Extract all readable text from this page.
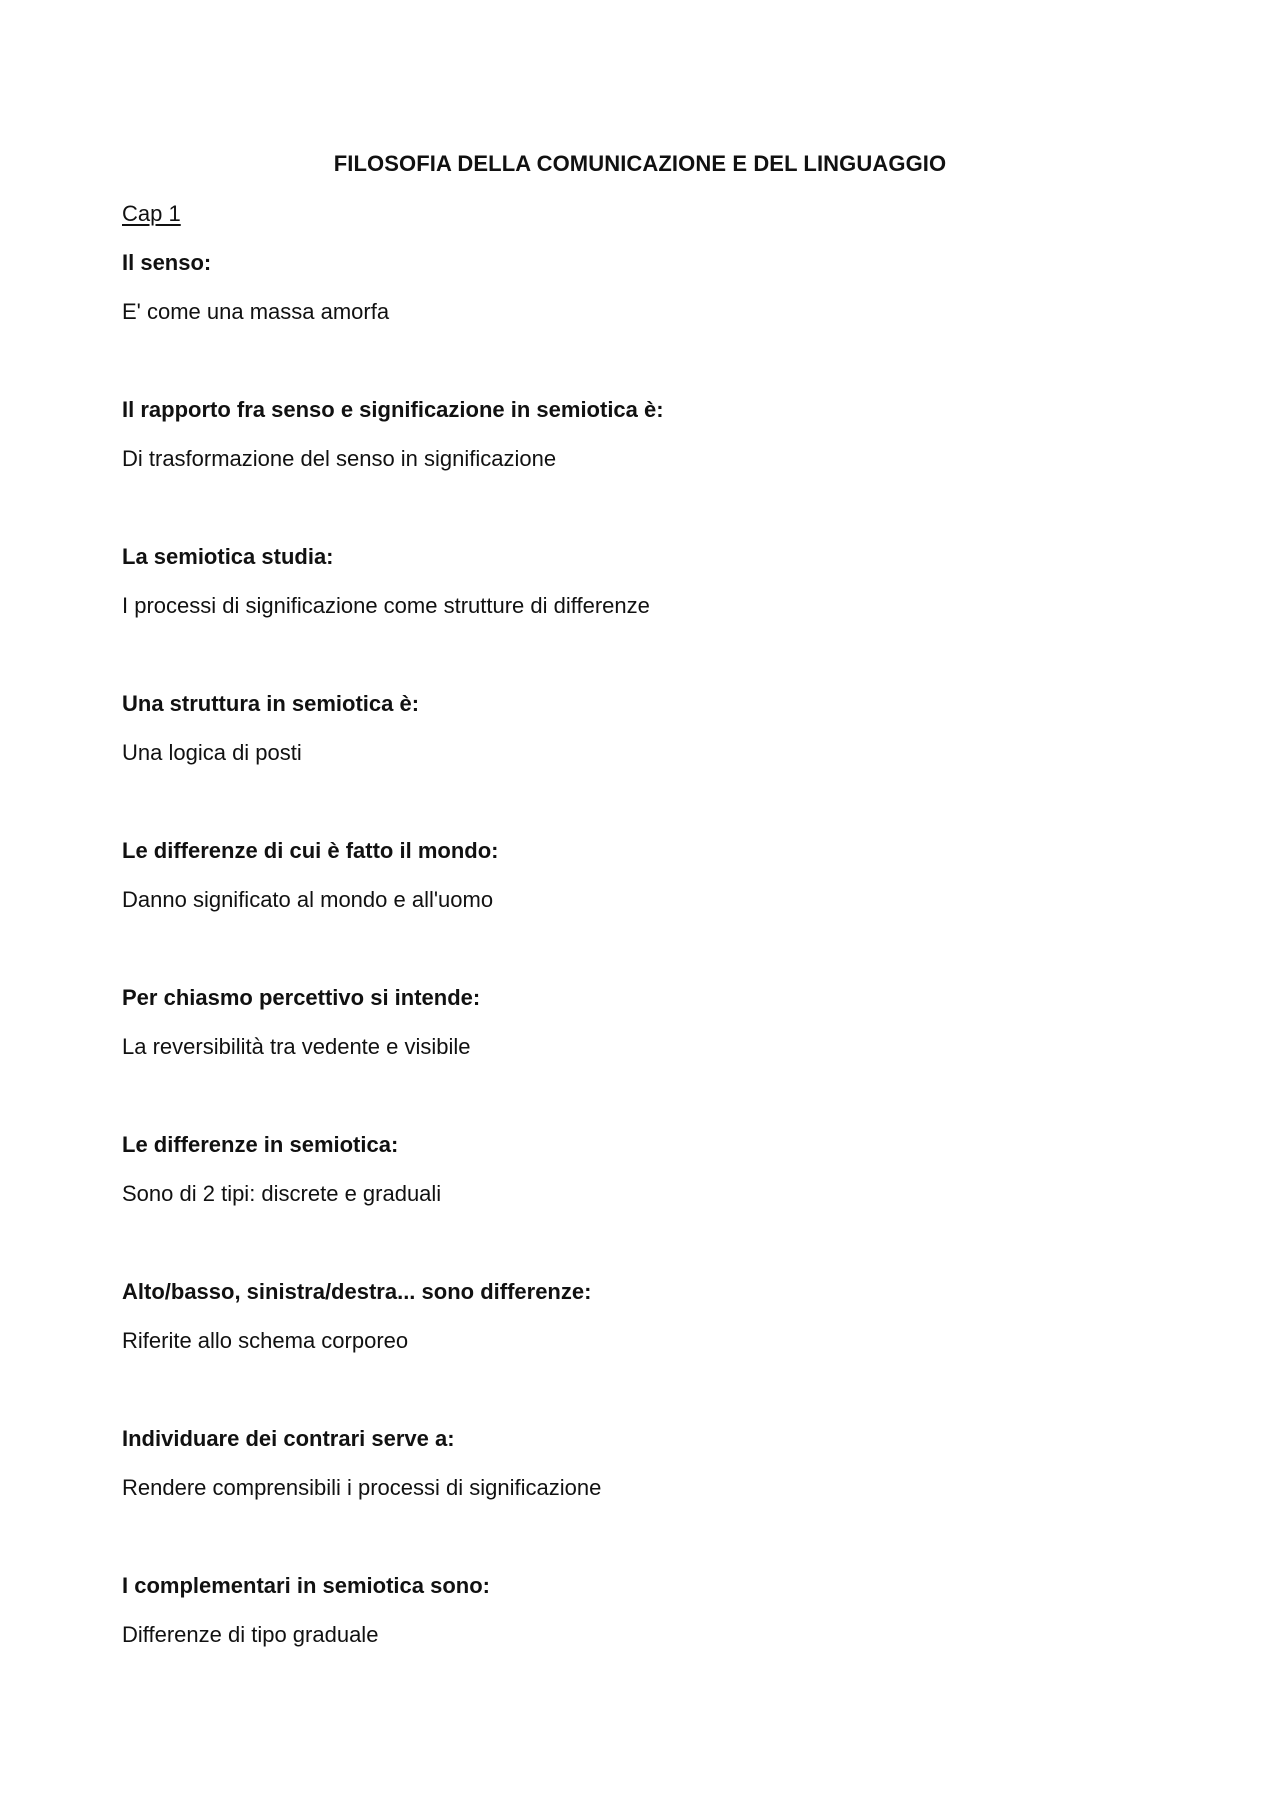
FILOSOFIA DELLA COMUNICAZIONE E DEL LINGUAGGIO
Cap 1
Il senso:
E' come una massa amorfa
Il rapporto fra senso e significazione in semiotica è:
Di trasformazione del senso in significazione
La semiotica studia:
I processi di significazione come strutture di differenze
Una struttura in semiotica è:
Una logica di posti
Le differenze di cui è fatto il mondo:
Danno significato al mondo e all'uomo
Per chiasmo percettivo si intende:
La reversibilità tra vedente e visibile
Le differenze in semiotica:
Sono di 2 tipi: discrete e graduali
Alto/basso, sinistra/destra... sono differenze:
Riferite allo schema corporeo
Individuare dei contrari serve a:
Rendere comprensibili i processi di significazione
I complementari in semiotica sono:
Differenze di tipo graduale
